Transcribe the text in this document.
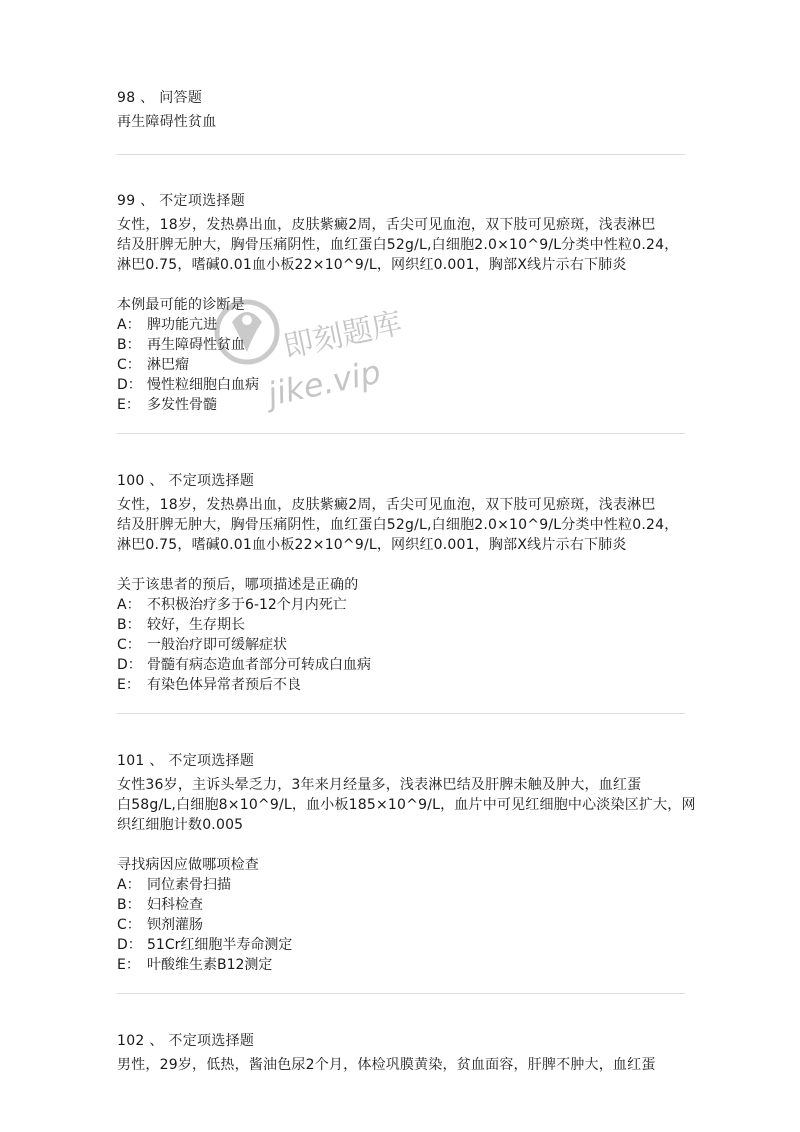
98 、 问答题
再生障碍性贫血
99 、 不定项选择题
女性，18岁，发热鼻出血，皮肤紫癜2周，舌尖可见血泡，双下肢可见瘀斑，浅表淋巴
结及肝脾无肿大，胸骨压痛阴性，血红蛋白52g/L,白细胞2.0×10^9/L分类中性粒0.24，
淋巴0.75，嗜碱0.01血小板22×10^9/L，网织红0.001，胸部X线片示右下肺炎
本例最可能的诊断是
A： 脾功能亢进
B： 再生障碍性贫血
C： 淋巴瘤
D： 慢性粒细胞白血病
E： 多发性骨髓
100 、 不定项选择题
女性，18岁，发热鼻出血，皮肤紫癜2周，舌尖可见血泡，双下肢可见瘀斑，浅表淋巴
结及肝脾无肿大，胸骨压痛阴性，血红蛋白52g/L,白细胞2.0×10^9/L分类中性粒0.24，
淋巴0.75，嗜碱0.01血小板22×10^9/L，网织红0.001，胸部X线片示右下肺炎
关于该患者的预后，哪项描述是正确的
A： 不积极治疗多于6-12个月内死亡
B： 较好，生存期长
C： 一般治疗即可缓解症状
D： 骨髓有病态造血者部分可转成白血病
E： 有染色体异常者预后不良
101 、 不定项选择题
女性36岁，主诉头晕乏力，3年来月经量多，浅表淋巴结及肝脾未触及肿大，血红蛋
白58g/L,白细胞8×10^9/L，血小板185×10^9/L，血片中可见红细胞中心淡染区扩大，网
织红细胞计数0.005
寻找病因应做哪项检查
A： 同位素骨扫描
B： 妇科检查
C： 钡剂灌肠
D： 51Cr红细胞半寿命测定
E： 叶酸维生素B12测定
102 、 不定项选择题
男性，29岁，低热，酱油色尿2个月，体检巩膜黄染，贫血面容，肝脾不肿大，血红蛋
即刻题库
jike.vip
